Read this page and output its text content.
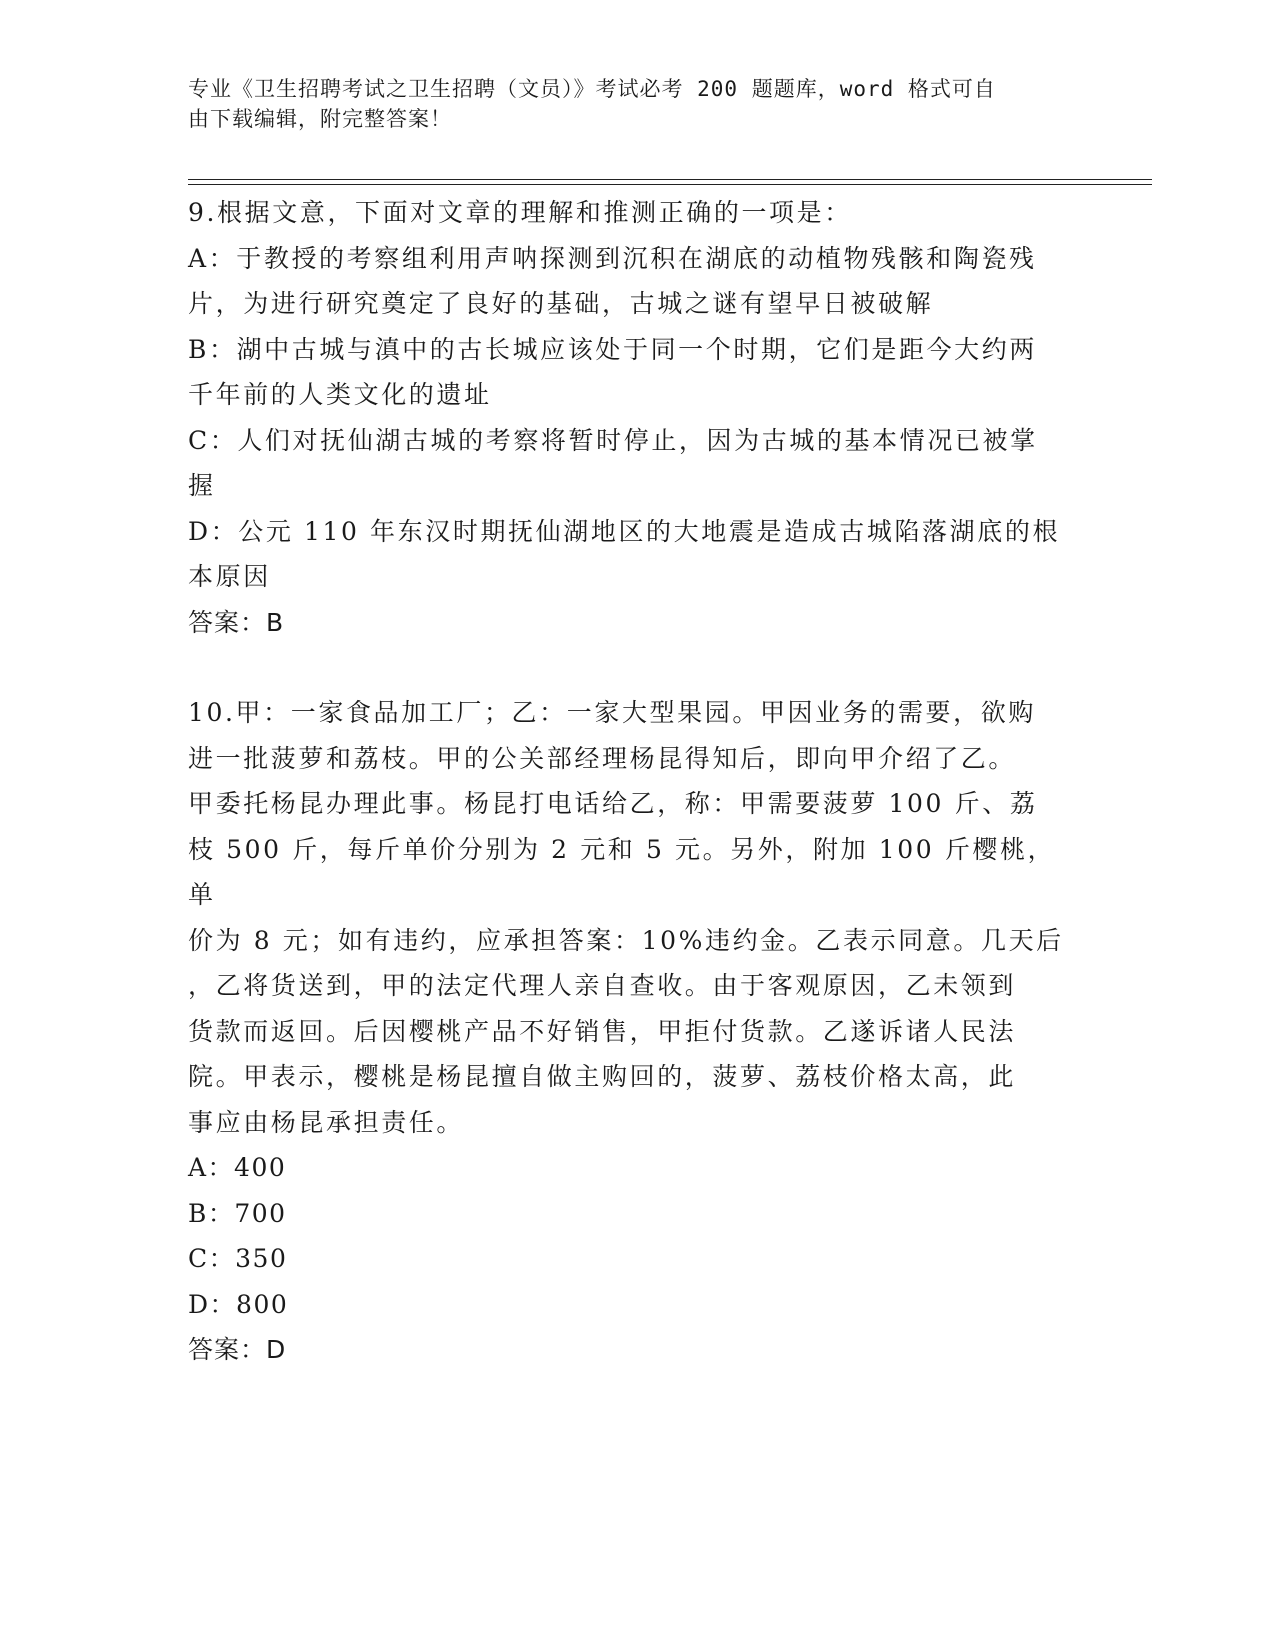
专业《卫生招聘考试之卫生招聘（文员）》考试必考 200 题题库，word 格式可自
由下载编辑，附完整答案！

9.根据文意，下面对文章的理解和推测正确的一项是：

A：于教授的考察组利用声呐探测到沉积在湖底的动植物残骸和陶瓷残

片，为进行研究奠定了良好的基础，古城之谜有望早日被破解

B：湖中古城与滇中的古长城应该处于同一个时期，它们是距今大约两

千年前的人类文化的遗址

C：人们对抚仙湖古城的考察将暂时停止，因为古城的基本情况已被掌

握

D：公元 110 年东汉时期抚仙湖地区的大地震是造成古城陷落湖底的根

本原因

答案：B

10.甲：一家食品加工厂；乙：一家大型果园。甲因业务的需要，欲购

进一批菠萝和荔枝。甲的公关部经理杨昆得知后，即向甲介绍了乙。

甲委托杨昆办理此事。杨昆打电话给乙，称：甲需要菠萝 100 斤、荔

枝 500 斤，每斤单价分别为 2 元和 5 元。另外，附加 100 斤樱桃，单

价为 8 元；如有违约，应承担答案：10%违约金。乙表示同意。几天后

，乙将货送到，甲的法定代理人亲自查收。由于客观原因，乙未领到

货款而返回。后因樱桃产品不好销售，甲拒付货款。乙遂诉诸人民法

院。甲表示，樱桃是杨昆擅自做主购回的，菠萝、荔枝价格太高，此

事应由杨昆承担责任。

A：400

B：700

C：350

D：800

答案：D
